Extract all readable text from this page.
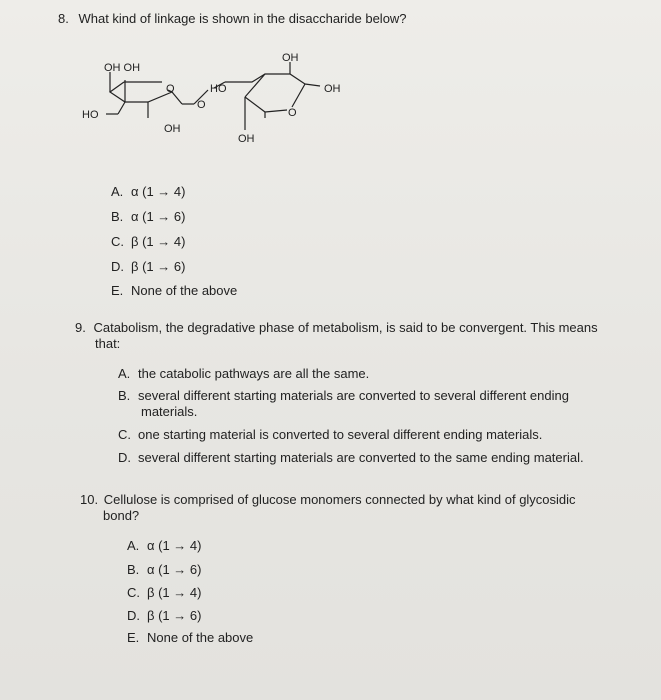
8. What kind of linkage is shown in the disaccharide below?
OH OH
HO
OH
O	HO
O
OH
OH
O
OH
A. α (1 → 4)
B. α (1 → 6)
C. β (1 → 4)
D. β (1 → 6)
E. None of the above
9. Catabolism, the degradative phase of metabolism, is said to be convergent. This means
that:
A. the catabolic pathways are all the same.
B. several different starting materials are converted to several different ending
materials.
C. one starting material is converted to several different ending materials.
D. several different starting materials are converted to the same ending material.
10. Cellulose is comprised of glucose monomers connected by what kind of glycosidic
bond?
A. α (1 → 4)
B. α (1 → 6)
C. β (1 → 4)
D. β (1 → 6)
E. None of the above
